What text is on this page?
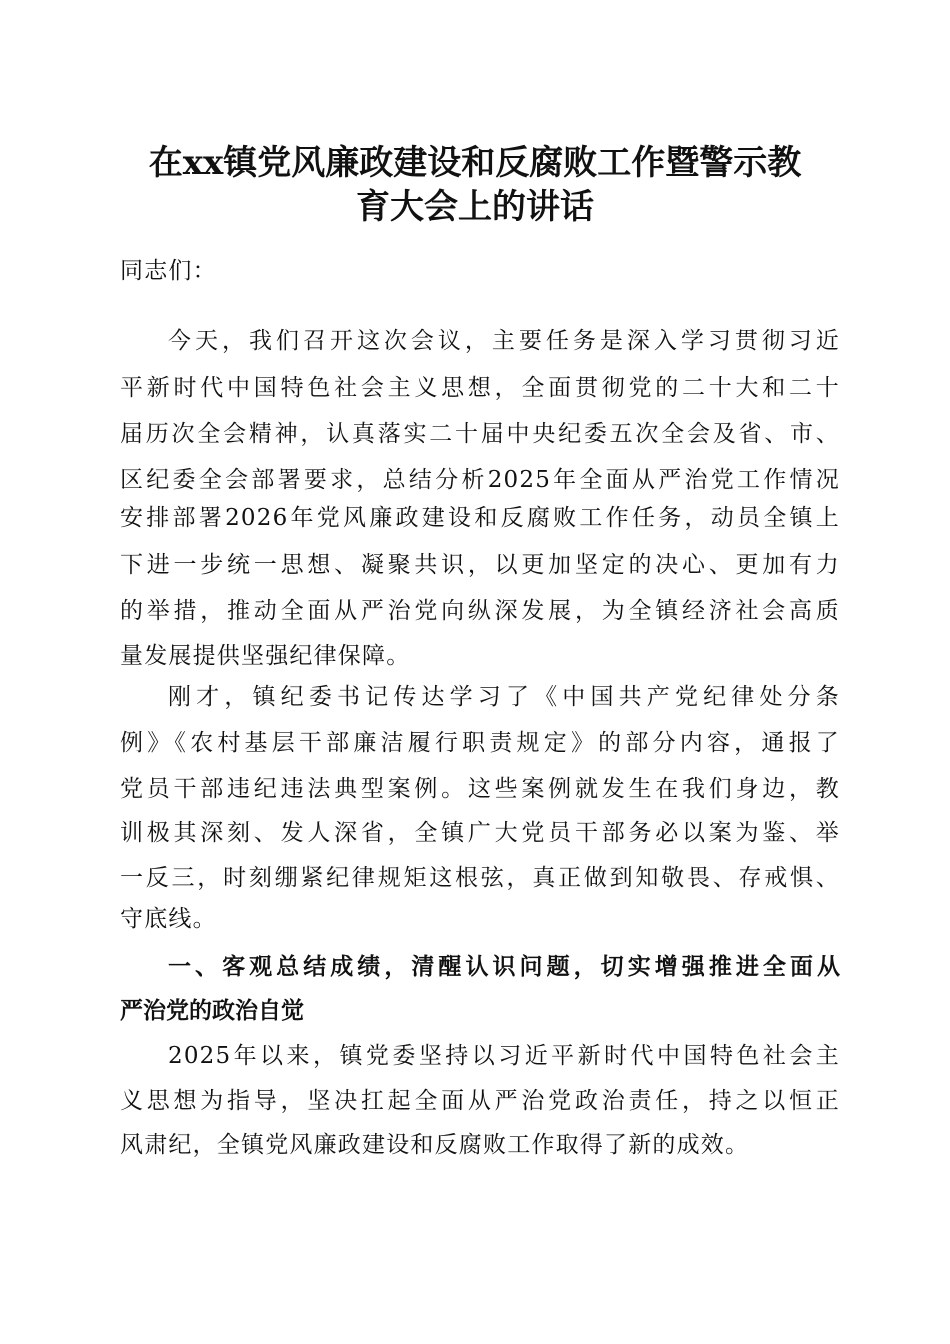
在xx镇党风廉政建设和反腐败工作暨警示教
育大会上的讲话
同志们：
今天，我们召开这次会议，主要任务是深入学习贯彻习近
平新时代中国特色社会主义思想，全面贯彻党的二十大和二十
届历次全会精神，认真落实二十届中央纪委五次全会及省、市、
区纪委全会部署要求，总结分析2025年全面从严治党工作情况
安排部署2026年党风廉政建设和反腐败工作任务，动员全镇上
下进一步统一思想、凝聚共识，以更加坚定的决心、更加有力
的举措，推动全面从严治党向纵深发展，为全镇经济社会高质
量发展提供坚强纪律保障。
刚才，镇纪委书记传达学习了《中国共产党纪律处分条
例》《农村基层干部廉洁履行职责规定》的部分内容，通报了
党员干部违纪违法典型案例。这些案例就发生在我们身边，教
训极其深刻、发人深省，全镇广大党员干部务必以案为鉴、举
一反三，时刻绷紧纪律规矩这根弦，真正做到知敬畏、存戒惧、
守底线。
一、客观总结成绩，清醒认识问题，切实增强推进全面从
严治党的政治自觉
2025年以来，镇党委坚持以习近平新时代中国特色社会主
义思想为指导，坚决扛起全面从严治党政治责任，持之以恒正
风肃纪，全镇党风廉政建设和反腐败工作取得了新的成效。
